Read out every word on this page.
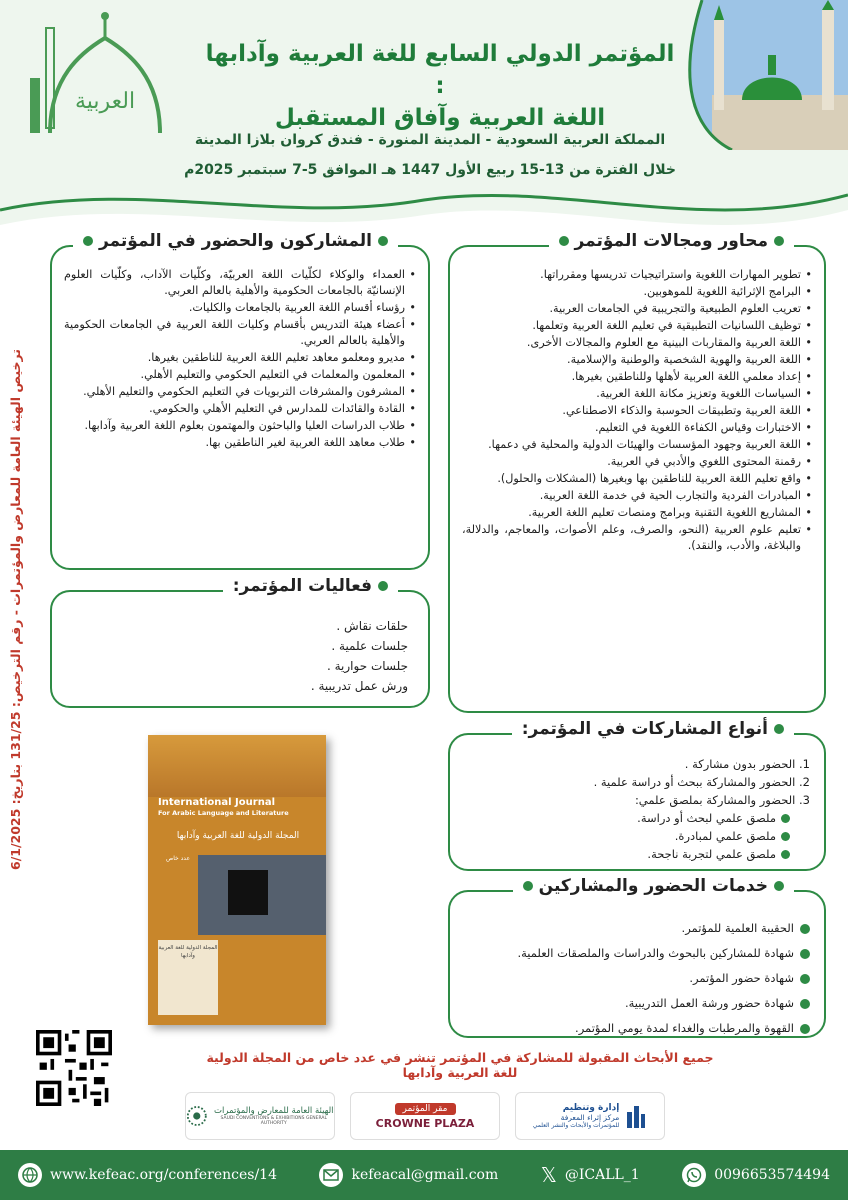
ﺍﻟﻌﺮﺑﻴﺔ
المؤتمر الدولي السابع للغة العربية وآدابها :
اللغة العربية وآفاق المستقبل
المملكة العربية السعودية - المدينة المنورة - فندق كروان بلازا المدينة
خلال الفترة من 13-15 ربيع الأول 1447 هـ الموافق 5-7 سبتمبر 2025م
محاور ومجالات المؤتمر
• تطوير المهارات اللغوية واستراتيجيات تدريسها ومقرراتها.
• البرامج الإثرائية اللغوية للموهوبين.
• تعريب العلوم الطبيعية والتجريبية في الجامعات العربية.
• توظيف اللسانيات التطبيقية في تعليم اللغة العربية وتعلمها.
• اللغة العربية والمقاربات البينية مع العلوم والمجالات الأخرى.
• اللغة العربية والهوية الشخصية والوطنية والإسلامية.
• إعداد معلمي اللغة العربية لأهلها وللناطقين بغيرها.
• السياسات اللغوية وتعزيز مكانة اللغة العربية.
• اللغة العربية وتطبيقات الحوسبة والذكاء الاصطناعي.
• الاختبارات وقياس الكفاءة اللغوية في التعليم.
• اللغة العربية وجهود المؤسسات والهيئات الدولية والمحلية في دعمها.
• رقمنة المحتوى اللغوي والأدبي في العربية.
• واقع تعليم اللغة العربية للناطقين بها وبغيرها (المشكلات والحلول).
• المبادرات الفردية والتجارب الحية في خدمة اللغة العربية.
• المشاريع اللغوية التقنية وبرامج ومنصات تعليم اللغة العربية.
• تعليم علوم العربية (النحو، والصرف، وعلم الأصوات، والمعاجم، والدلالة، والبلاغة، والأدب، والنقد).
المشاركون والحضور في المؤتمر
• العمداء والوكلاء لكلّيات اللغة العربيّة، وكلّيات الآداب، وكلّيات العلوم الإنسانيّة بالجامعات الحكومية والأهلية بالعالم العربي.
• رؤساء أقسام اللغة العربية بالجامعات والكليات.
• أعضاء هيئة التدريس بأقسام وكليات اللغة العربية في الجامعات الحكومية والأهلية بالعالم العربي.
• مديرو ومعلمو معاهد تعليم اللغة العربية للناطقين بغيرها.
• المعلمون والمعلمات في التعليم الحكومي والتعليم الأهلي.
• المشرفون والمشرفات التربويات في التعليم الحكومي والتعليم الأهلي.
• القادة والقائدات للمدارس في التعليم الأهلي والحكومي.
• طلاب الدراسات العليا والباحثون والمهتمون بعلوم اللغة العربية وآدابها.
• طلاب معاهد اللغة العربية لغير الناطقين بها.
فعاليات المؤتمر:
حلقات نقاش .
جلسات علمية .
جلسات حوارية .
ورش عمل تدريبية .
أنواع المشاركات في المؤتمر:
1. الحضور بدون مشاركة .
2. الحضور والمشاركة ببحث أو دراسة علمية .
3. الحضور والمشاركة بملصق علمي:
ملصق علمي لبحث أو دراسة.
ملصق علمي لمبادرة.
ملصق علمي لتجربة ناجحة.
خدمات الحضور والمشاركين
الحقيبة العلمية للمؤتمر.
شهادة للمشاركين بالبحوث والدراسات والملصقات العلمية.
شهادة حضور المؤتمر.
شهادة حضور ورشة العمل التدريبية.
القهوة والمرطبات والغداء لمدة يومي المؤتمر.
ترخيص الهيئة العامة للمعارض والمؤتمرات - رقم الترخيص: 131/25 بتاريخ: 6/1/2025
International Journal
For Arabic Language and Literature
المجلة الدولية للغة العربية وآدابها
عدد خاص
المجلة الدولية للغة العربية وآدابها
جميع الأبحاث المقبولة للمشاركة في المؤتمر تنشر في عدد خاص من المجلة الدولية للغة العربية وآدابها
الهيئة العامة للمعارض والمؤتمرات
SAUDI CONVENTIONS & EXHIBITIONS GENERAL AUTHORITY
مقر المؤتمر
CROWNE PLAZA
إدارة وتنظيم
مركز إثراء المعرفة
للمؤتمرات والأبحاث والنشر العلمي
www.kefeac.org/conferences/14	kefeacal@gmail.com 𝕏 @ICALL_1	0096653574494
